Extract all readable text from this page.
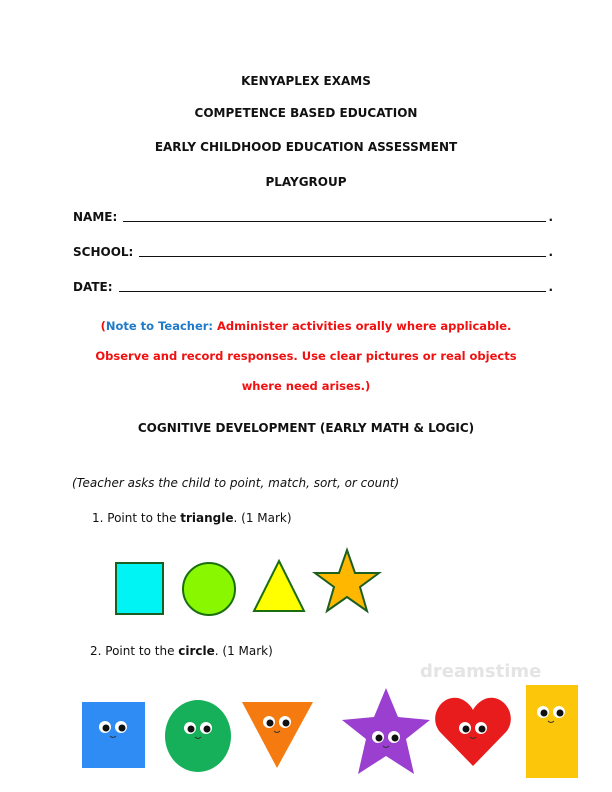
KENYAPLEX EXAMS
COMPETENCE BASED EDUCATION
EARLY CHILDHOOD EDUCATION ASSESSMENT
PLAYGROUP
NAME:	.
SCHOOL:	.
DATE:	.
(Note to Teacher: Administer activities orally where applicable.
Observe and record responses. Use clear pictures or real objects
where need arises.)
COGNITIVE DEVELOPMENT (EARLY MATH & LOGIC)
(Teacher asks the child to point, match, sort, or count)
1. Point to the triangle. (1 Mark)
2. Point to the circle. (1 Mark)
dreamstime
